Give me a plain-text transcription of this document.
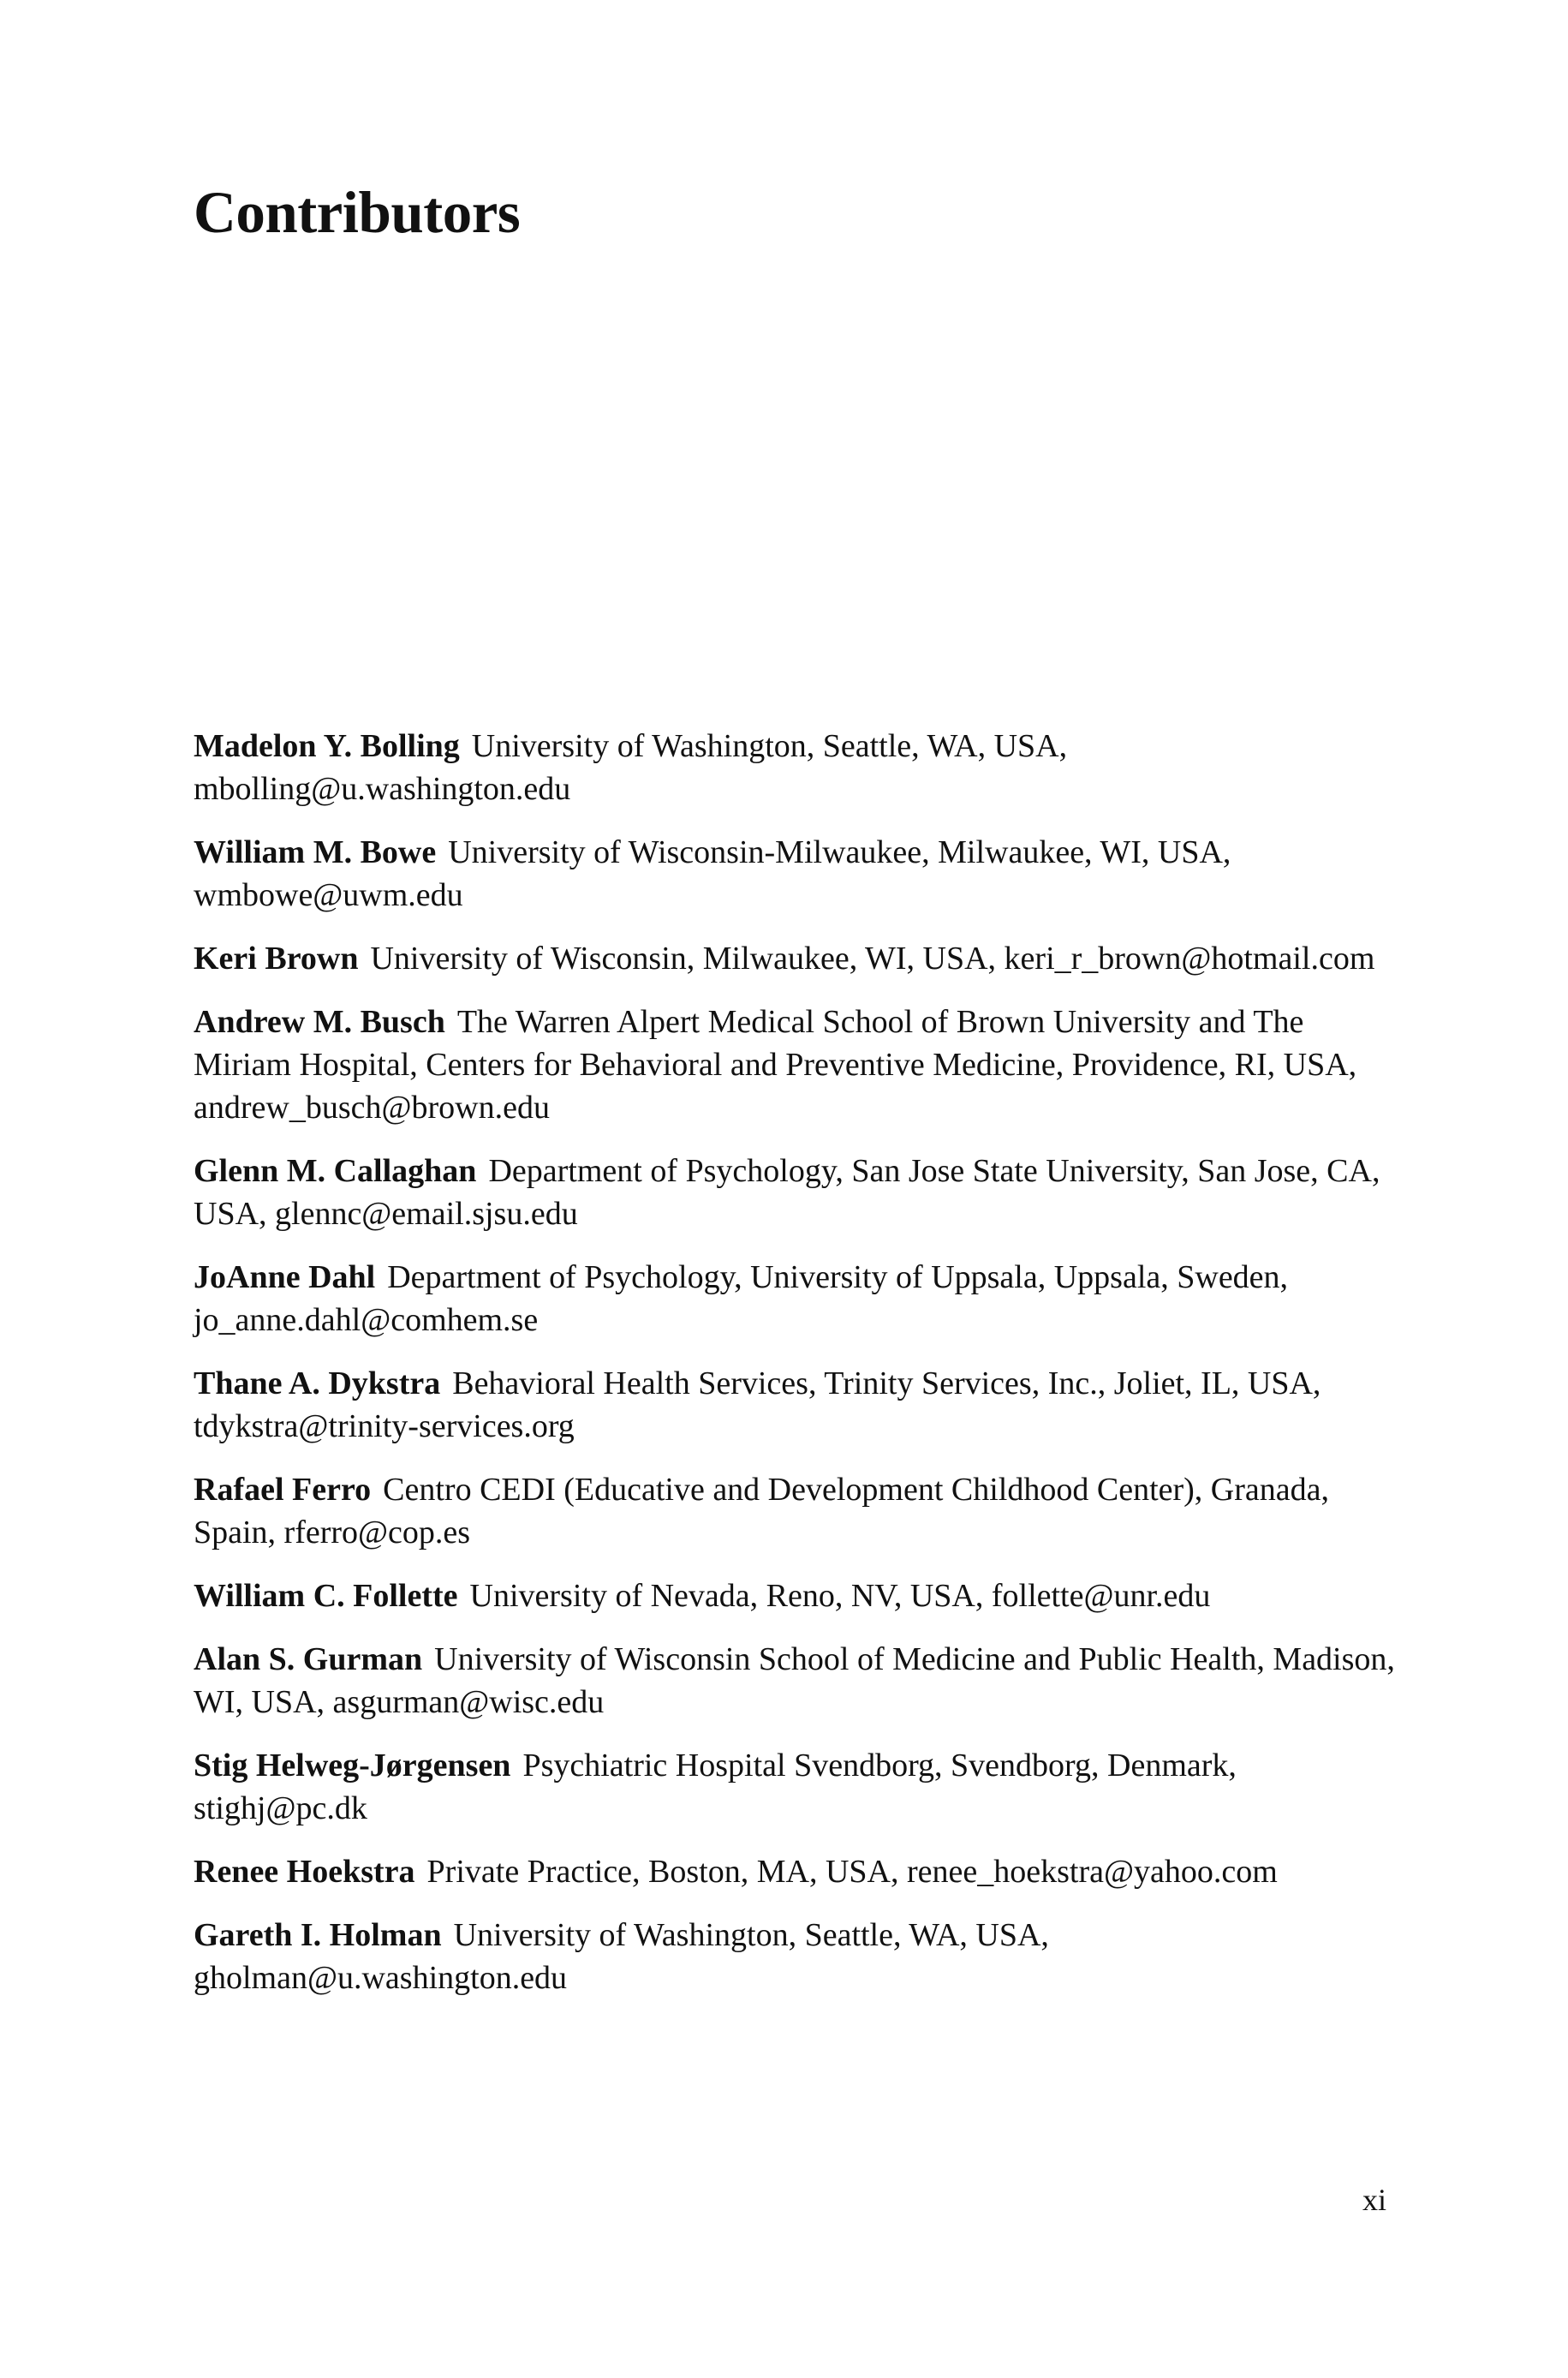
Contributors
Madelon Y. Bolling University of Washington, Seattle, WA, USA, mbolling@u.washington.edu
William M. Bowe University of Wisconsin-Milwaukee, Milwaukee, WI, USA, wmbowe@uwm.edu
Keri Brown University of Wisconsin, Milwaukee, WI, USA, keri_r_brown@hotmail.com
Andrew M. Busch The Warren Alpert Medical School of Brown University and The Miriam Hospital, Centers for Behavioral and Preventive Medicine, Providence, RI, USA, andrew_busch@brown.edu
Glenn M. Callaghan Department of Psychology, San Jose State University, San Jose, CA, USA, glennc@email.sjsu.edu
JoAnne Dahl Department of Psychology, University of Uppsala, Uppsala, Sweden, jo_anne.dahl@comhem.se
Thane A. Dykstra Behavioral Health Services, Trinity Services, Inc., Joliet, IL, USA, tdykstra@trinity-services.org
Rafael Ferro Centro CEDI (Educative and Development Childhood Center), Granada, Spain, rferro@cop.es
William C. Follette University of Nevada, Reno, NV, USA, follette@unr.edu
Alan S. Gurman University of Wisconsin School of Medicine and Public Health, Madison, WI, USA, asgurman@wisc.edu
Stig Helweg-Jørgensen Psychiatric Hospital Svendborg, Svendborg, Denmark, stighj@pc.dk
Renee Hoekstra Private Practice, Boston, MA, USA, renee_hoekstra@yahoo.com
Gareth I. Holman University of Washington, Seattle, WA, USA, gholman@u.washington.edu
xi
